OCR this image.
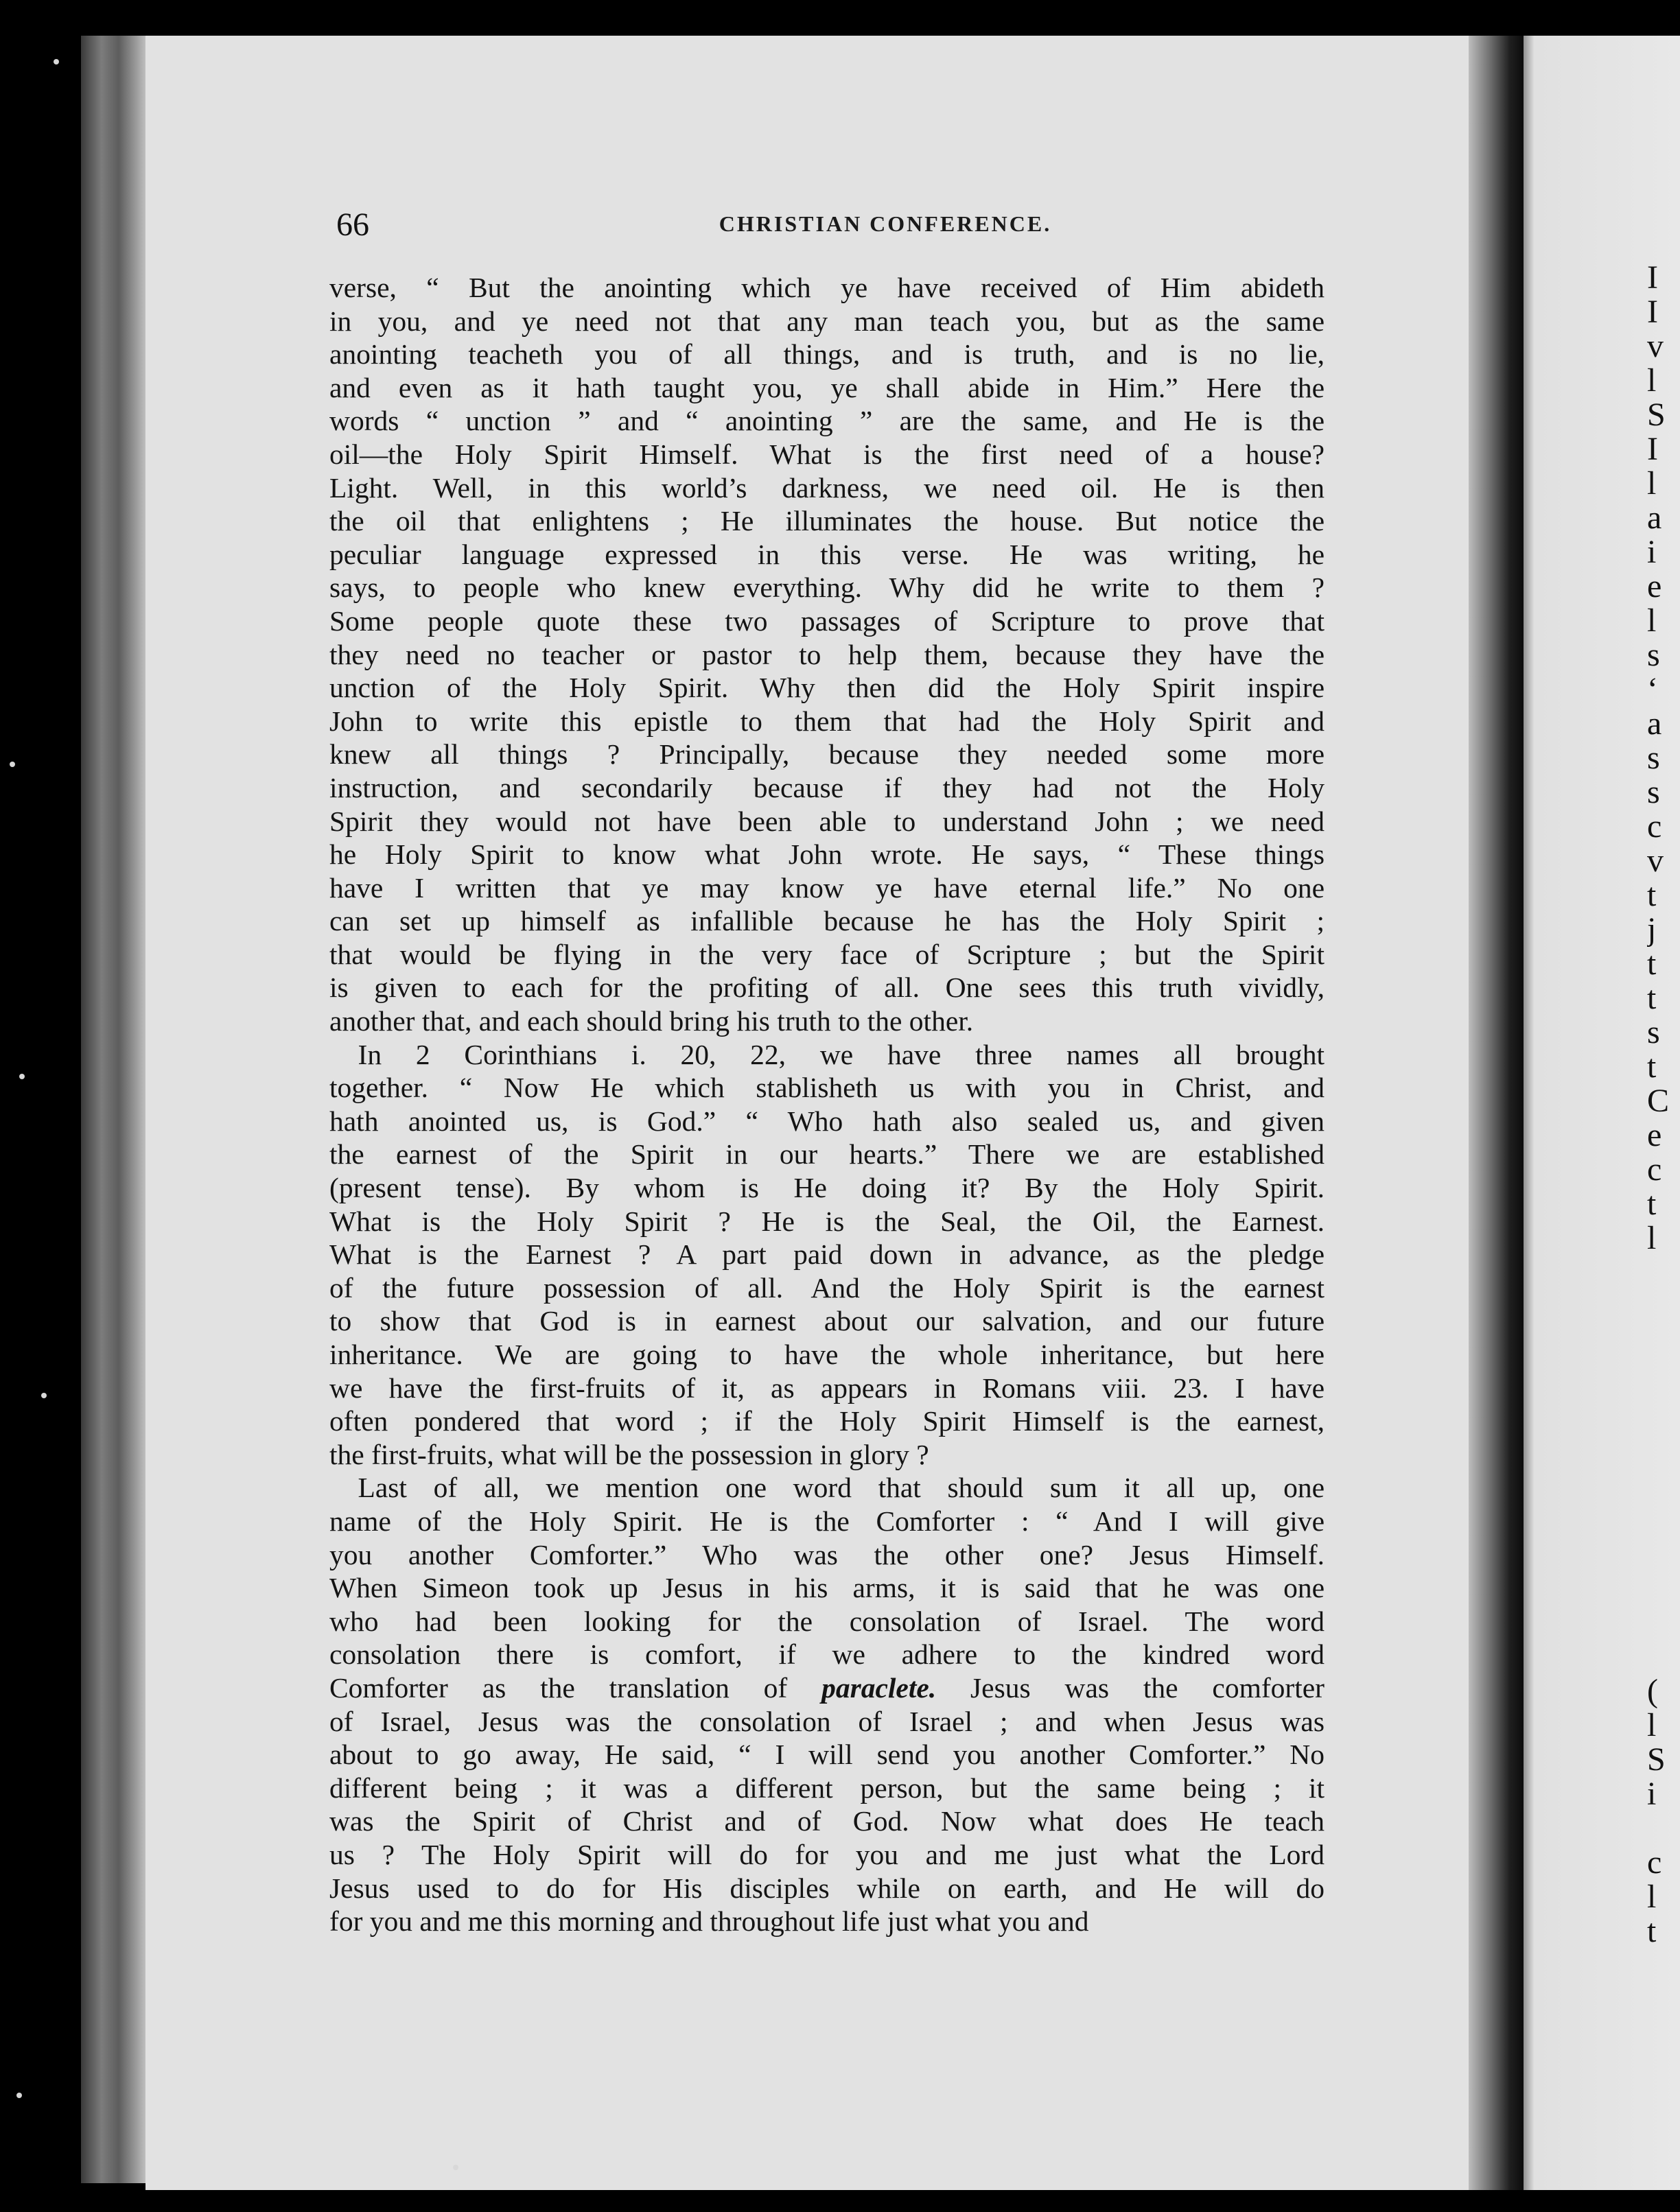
66	CHRISTIAN CONFERENCE.
verse, “ But the anointing which ye have received of Him abideth
in you, and ye need not that any man teach you, but as the same
anointing teacheth you of all things, and is truth, and is no lie,
and even as it hath taught you, ye shall abide in Him.” Here the
words “ unction ” and “ anointing ” are the same, and He is the
oil—the Holy Spirit Himself. What is the first need of a house?
Light. Well, in this world’s darkness, we need oil. He is then
the oil that enlightens ; He illuminates the house. But notice the
peculiar language expressed in this verse. He was writing, he
says, to people who knew everything. Why did he write to them ?
Some people quote these two passages of Scripture to prove that
they need no teacher or pastor to help them, because they have the
unction of the Holy Spirit. Why then did the Holy Spirit inspire
John to write this epistle to them that had the Holy Spirit and
knew all things ? Principally, because they needed some more
instruction, and secondarily because if they had not the Holy
Spirit they would not have been able to understand John ; we need
he Holy Spirit to know what John wrote. He says, “ These things
have I written that ye may know ye have eternal life.” No one
can set up himself as infallible because he has the Holy Spirit ;
that would be flying in the very face of Scripture ; but the Spirit
is given to each for the profiting of all. One sees this truth vividly,
another that, and each should bring his truth to the other.
 In 2 Corinthians i. 20, 22, we have three names all brought
together. “ Now He which stablisheth us with you in Christ, and
hath anointed us, is God.” “ Who hath also sealed us, and given
the earnest of the Spirit in our hearts.” There we are established
(present tense). By whom is He doing it? By the Holy Spirit.
What is the Holy Spirit ? He is the Seal, the Oil, the Earnest.
What is the Earnest ? A part paid down in advance, as the pledge
of the future possession of all. And the Holy Spirit is the earnest
to show that God is in earnest about our salvation, and our future
inheritance. We are going to have the whole inheritance, but here
we have the first-fruits of it, as appears in Romans viii. 23. I have
often pondered that word ; if the Holy Spirit Himself is the earnest,
the first-fruits, what will be the possession in glory ?
 Last of all, we mention one word that should sum it all up, one
name of the Holy Spirit. He is the Comforter : “ And I will give
you another Comforter.” Who was the other one? Jesus Himself.
When Simeon took up Jesus in his arms, it is said that he was one
who had been looking for the consolation of Israel. The word
consolation there is comfort, if we adhere to the kindred word
Comforter as the translation of paraclete. Jesus was the comforter
of Israel, Jesus was the consolation of Israel ; and when Jesus was
about to go away, He said, “ I will send you another Comforter.” No
different being ; it was a different person, but the same being ; it
was the Spirit of Christ and of God. Now what does He teach
us ? The Holy Spirit will do for you and me just what the Lord
Jesus used to do for His disciples while on earth, and He will do
for you and me this morning and throughout life just what you and
I
I
v
l
S
I
l
a
i
e
l
s
‘
a
s
s
c
v
t
j
t
t
s
t
C
e
c
t
l
(
l
S
i
c
l
t
